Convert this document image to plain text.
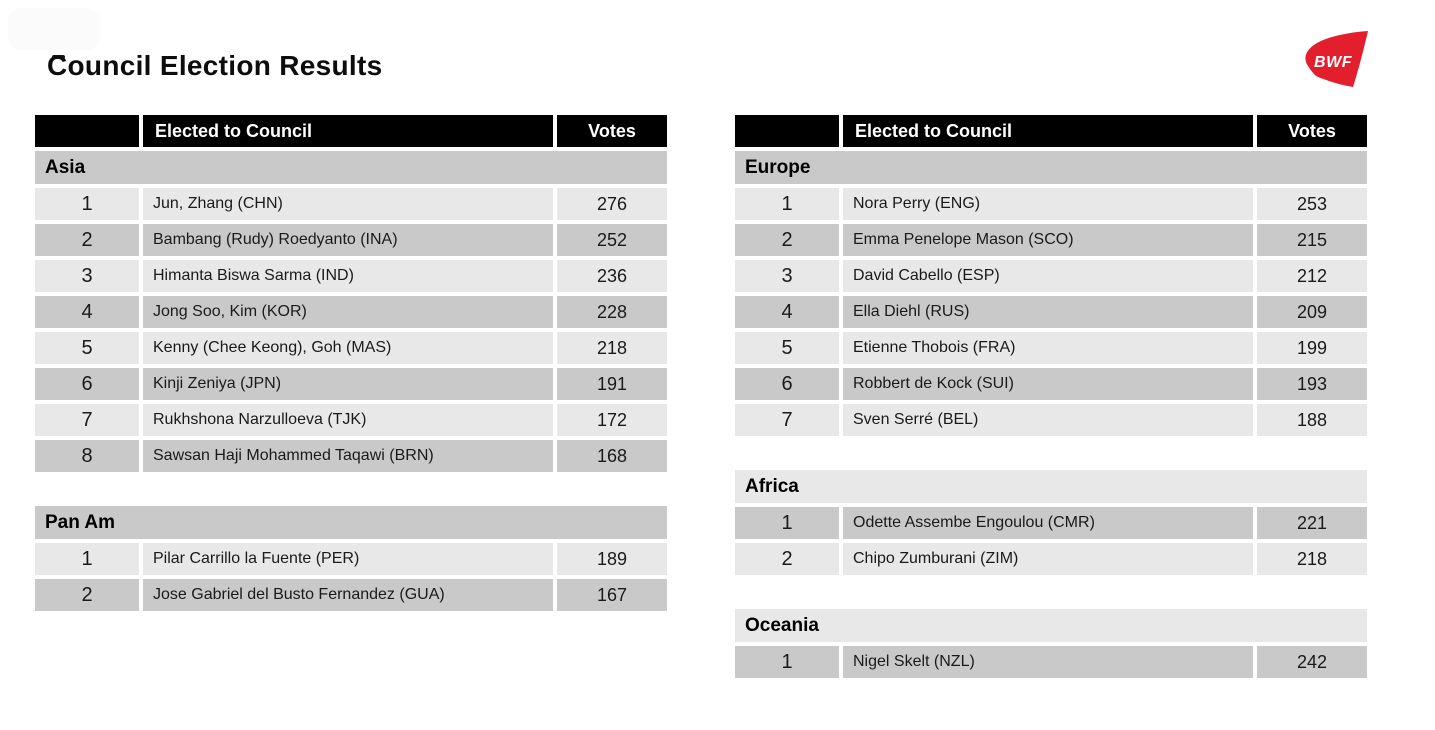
Council Election Results	BWF
Elected to Council	Votes
Asia
1	Jun, Zhang (CHN)	276
2	Bambang (Rudy) Roedyanto (INA)	252
3	Himanta Biswa Sarma (IND)	236
4	Jong Soo, Kim (KOR)	228
5	Kenny (Chee Keong), Goh (MAS)	218
6	Kinji Zeniya (JPN)	191
7	Rukhshona Narzulloeva (TJK)	172
8	Sawsan Haji Mohammed Taqawi (BRN)	168
Pan Am
1	Pilar Carrillo la Fuente (PER)	189
2	Jose Gabriel del Busto Fernandez (GUA)	167
Elected to Council	Votes
Europe
1	Nora Perry (ENG)	253
2	Emma Penelope Mason (SCO)	215
3	David Cabello (ESP)	212
4	Ella Diehl (RUS)	209
5	Etienne Thobois (FRA)	199
6	Robbert de Kock (SUI)	193
7	Sven Serré (BEL)	188
Africa
1	Odette Assembe Engoulou (CMR)	221
2	Chipo Zumburani (ZIM)	218
Oceania
1	Nigel Skelt (NZL)	242
